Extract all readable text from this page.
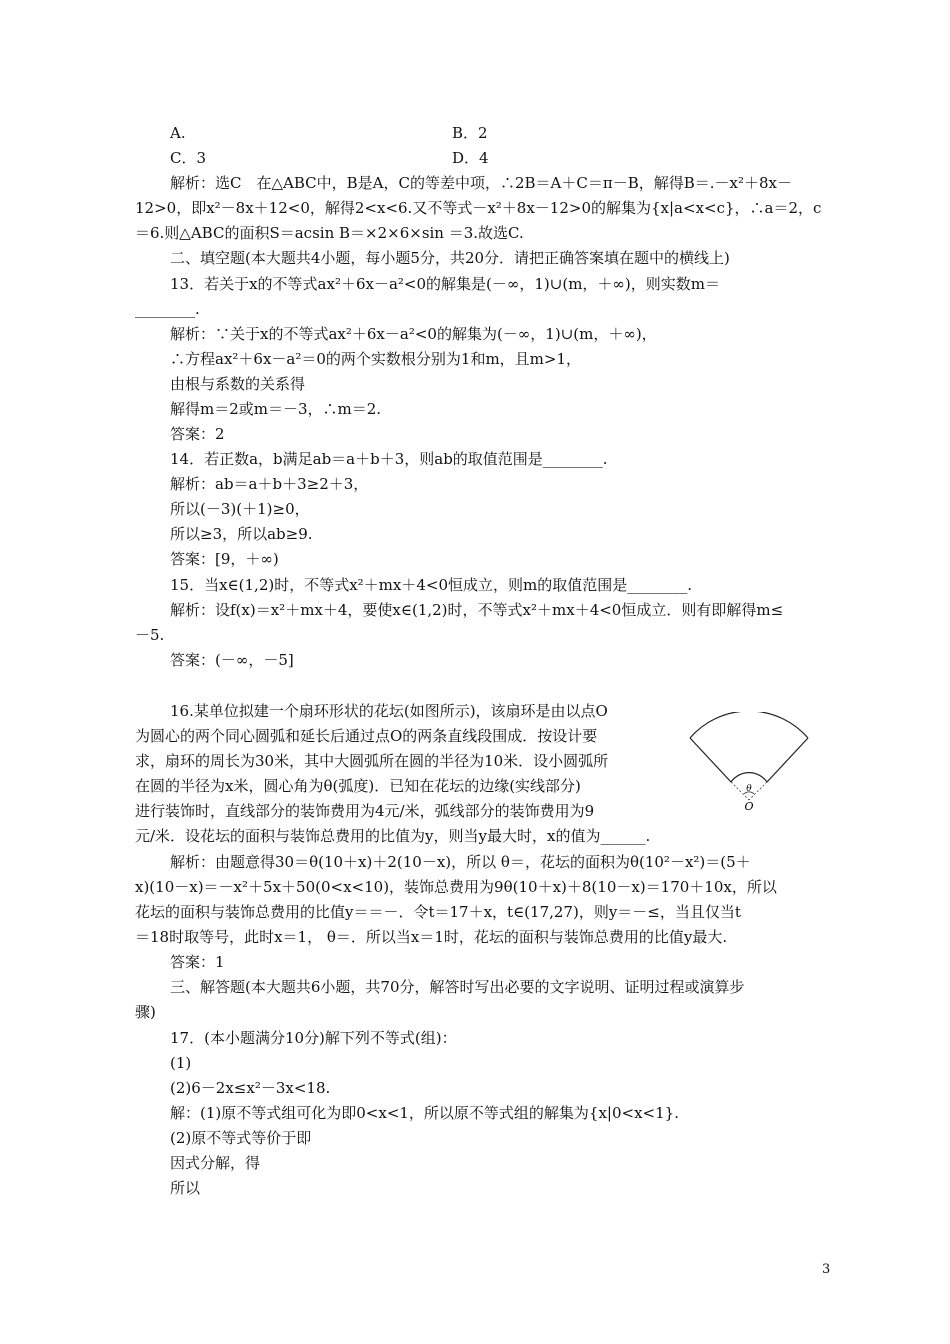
A.	B．2
C．3	D．4
解析：选C　在△ABC中，B是A，C的等差中项，∴2B＝A＋C＝π－B，解得B＝.－x²＋8x－
12>0，即x²－8x＋12<0，解得2<x<6.又不等式－x²＋8x－12>0的解集为{x|a<x<c}，∴a＝2，c
＝6.则△ABC的面积S＝acsin B＝×2×6×sin ＝3.故选C.
二、填空题(本大题共4小题，每小题5分，共20分．请把正确答案填在题中的横线上)
13．若关于x的不等式ax²＋6x－a²<0的解集是(－∞，1)∪(m，＋∞)，则实数m＝
________.
解析：∵关于x的不等式ax²＋6x－a²<0的解集为(－∞，1)∪(m，＋∞)，
∴方程ax²＋6x－a²＝0的两个实数根分别为1和m，且m>1，
由根与系数的关系得
解得m＝2或m＝－3，∴m＝2.
答案：2
14．若正数a，b满足ab＝a＋b＋3，则ab的取值范围是________.
解析：ab＝a＋b＋3≥2＋3，
所以(－3)(＋1)≥0，
所以≥3，所以ab≥9.
答案：[9，＋∞)
15．当x∈(1,2)时，不等式x²＋mx＋4<0恒成立，则m的取值范围是________.
解析：设f(x)＝x²＋mx＋4，要使x∈(1,2)时，不等式x²＋mx＋4<0恒成立．则有即解得m≤
－5.
答案：(－∞，－5]
16.某单位拟建一个扇环形状的花坛(如图所示)，该扇环是由以点O
为圆心的两个同心圆弧和延长后通过点O的两条直线段围成．按设计要
求，扇环的周长为30米，其中大圆弧所在圆的半径为10米．设小圆弧所
在圆的半径为x米，圆心角为θ(弧度)．已知在花坛的边缘(实线部分)
进行装饰时，直线部分的装饰费用为4元/米，弧线部分的装饰费用为9
元/米．设花坛的面积与装饰总费用的比值为y，则当y最大时，x的值为______.
θ
O
解析：由题意得30＝θ(10＋x)＋2(10－x)，所以 θ＝，花坛的面积为θ(10²－x²)＝(5＋
x)(10－x)＝－x²＋5x＋50(0<x<10)，装饰总费用为9θ(10＋x)＋8(10－x)＝170＋10x，所以
花坛的面积与装饰总费用的比值y＝＝－．令t＝17＋x，t∈(17,27)，则y＝－≤，当且仅当t
＝18时取等号，此时x＝1， θ＝．所以当x＝1时，花坛的面积与装饰总费用的比值y最大.
答案：1
三、解答题(本大题共6小题，共70分，解答时写出必要的文字说明、证明过程或演算步
骤)
17．(本小题满分10分)解下列不等式(组)：
(1)
(2)6－2x≤x²－3x<18.
解：(1)原不等式组可化为即0<x<1，所以原不等式组的解集为{x|0<x<1}.
(2)原不等式等价于即
因式分解，得
所以
3
